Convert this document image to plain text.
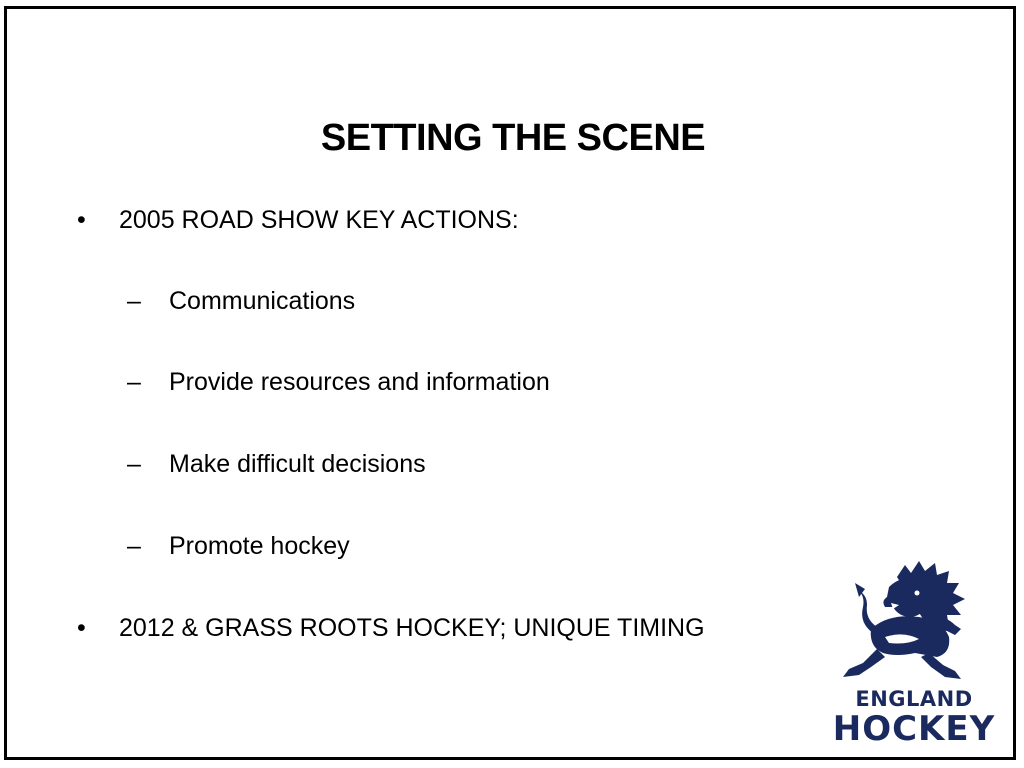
SETTING THE SCENE
• 2005 ROAD SHOW KEY ACTIONS:
– Communications
– Provide resources and information
– Make difficult decisions
– Promote hockey
• 2012 & GRASS ROOTS HOCKEY; UNIQUE TIMING
ENGLAND
HOCKEY
